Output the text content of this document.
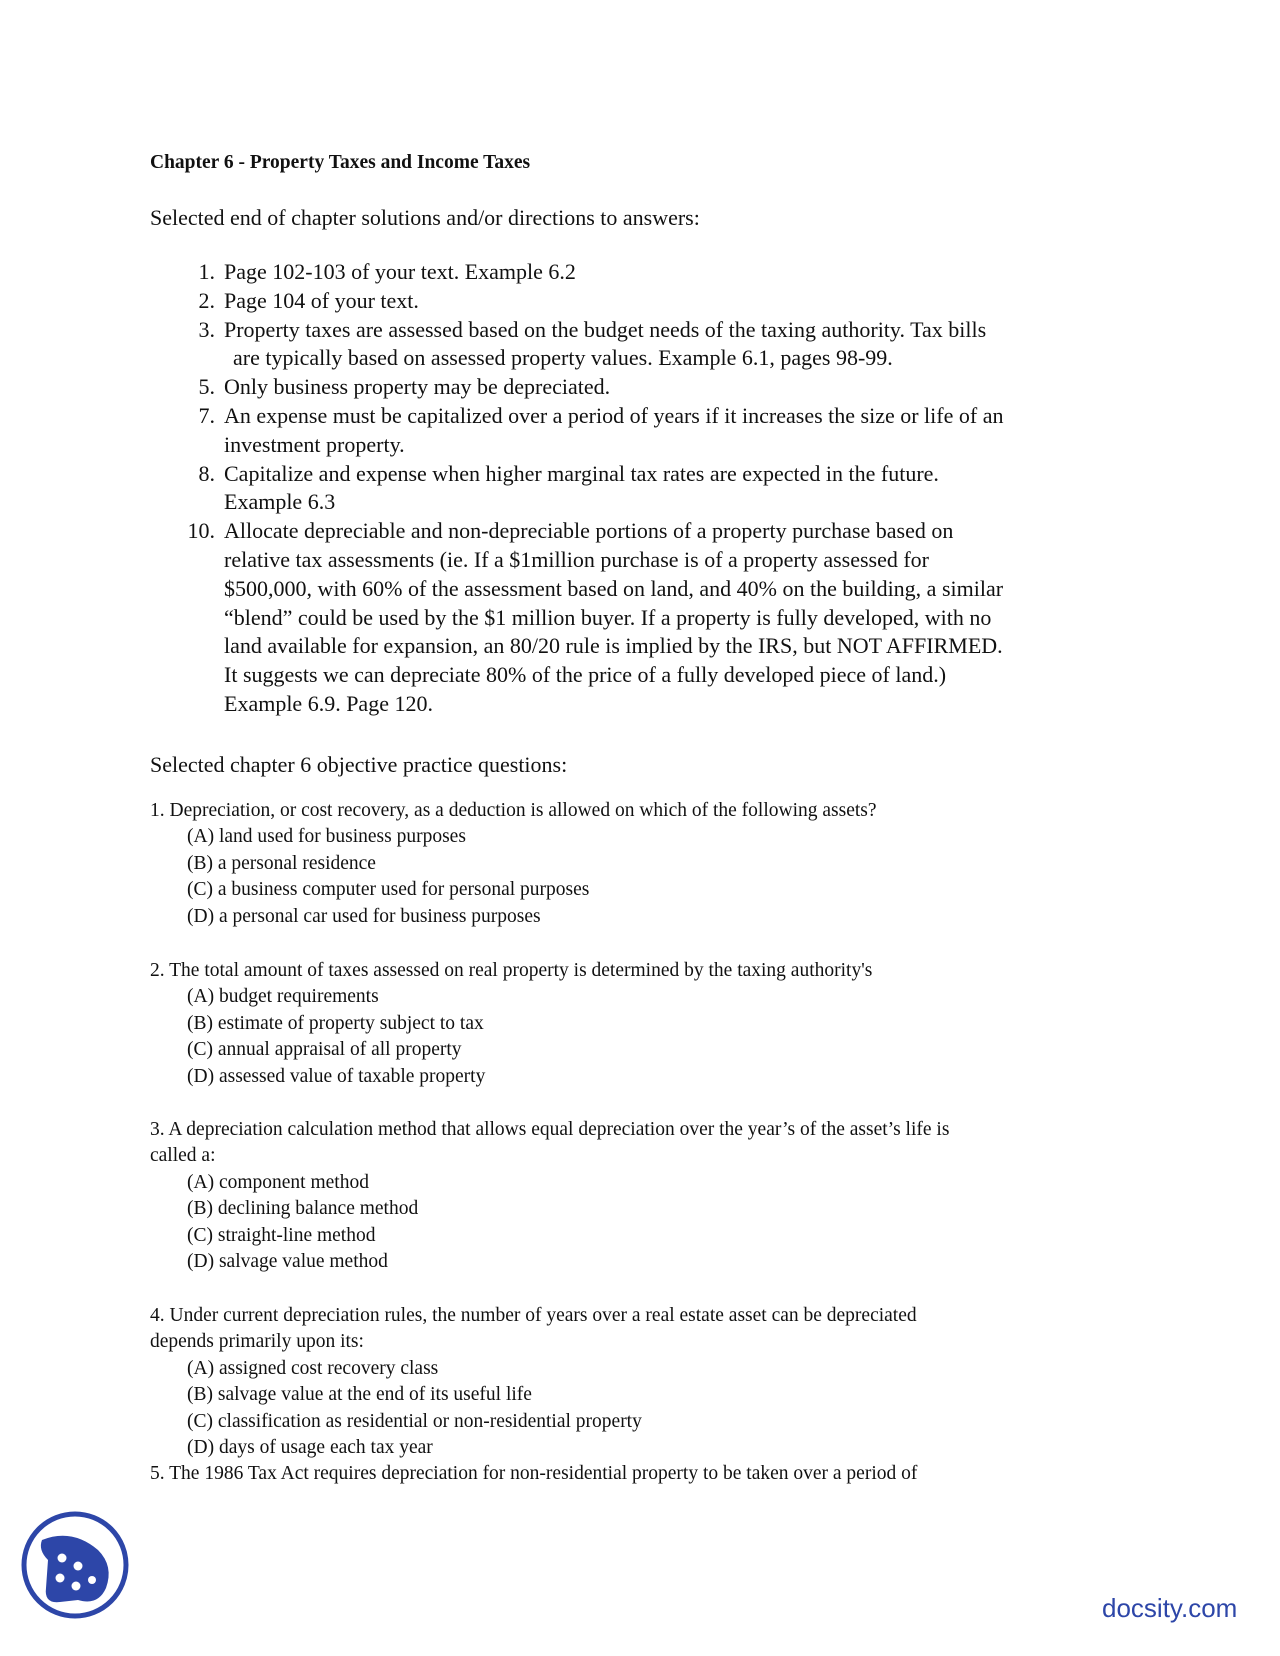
Chapter 6 - Property Taxes and Income Taxes
Selected end of chapter solutions and/or directions to answers:
1. Page 102-103 of your text. Example 6.2
2. Page 104 of your text.
3. Property taxes are assessed based on the budget needs of the taxing authority. Tax bills
are typically based on assessed property values. Example 6.1, pages 98-99.
5. Only business property may be depreciated.
7. An expense must be capitalized over a period of years if it increases the size or life of an
investment property.
8. Capitalize and expense when higher marginal tax rates are expected in the future.
Example 6.3
10. Allocate depreciable and non-depreciable portions of a property purchase based on
relative tax assessments (ie. If a $1million purchase is of a property assessed for
$500,000, with 60% of the assessment based on land, and 40% on the building, a similar
“blend” could be used by the $1 million buyer. If a property is fully developed, with no
land available for expansion, an 80/20 rule is implied by the IRS, but NOT AFFIRMED.
It suggests we can depreciate 80% of the price of a fully developed piece of land.)
Example 6.9. Page 120.
Selected chapter 6 objective practice questions:
1. Depreciation, or cost recovery, as a deduction is allowed on which of the following assets?
(A) land used for business purposes
(B) a personal residence
(C) a business computer used for personal purposes
(D) a personal car used for business purposes
2. The total amount of taxes assessed on real property is determined by the taxing authority's
(A) budget requirements
(B) estimate of property subject to tax
(C) annual appraisal of all property
(D) assessed value of taxable property
3. A depreciation calculation method that allows equal depreciation over the year’s of the asset’s life is
called a:
(A) component method
(B) declining balance method
(C) straight-line method
(D) salvage value method
4. Under current depreciation rules, the number of years over a real estate asset can be depreciated
depends primarily upon its:
(A) assigned cost recovery class
(B) salvage value at the end of its useful life
(C) classification as residential or non-residential property
(D) days of usage each tax year
5. The 1986 Tax Act requires depreciation for non-residential property to be taken over a period of
docsity.com
